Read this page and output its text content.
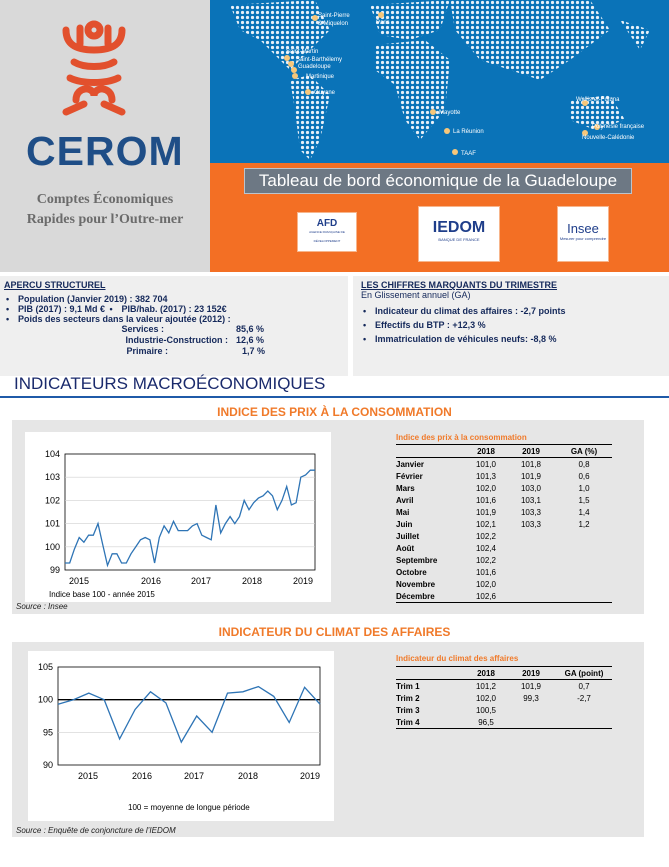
CEROM
Comptes Économiques
Rapides pour l’Outre-mer
Saint-Pierre
& Miquelon	Paris
Saint-Martin
Saint-Barthélemy
Guadeloupe
Martinique
Guyane
Mayotte
La Réunion
TAAF
Wallis-et-Futuna
Polynésie française
Nouvelle-Calédonie
Tableau de bord économique de la Guadeloupe
AFD
AGENCE FRANÇAISE DE DÉVELOPPEMENT
IEDOM
BANQUE DE FRANCE
Insee
Mesurer pour comprendre
APERCU STRUCTUREL
• Population (Janvier 2019) : 382 704
• PIB (2017) : 9,1 Md € • PIB/hab. (2017) : 23 152€
• Poids des secteurs dans la valeur ajoutée (2012) :
Services :	85,6 %
Industrie-Construction : 12,6 %
Primaire :	1,7 %
LES CHIFFRES MARQUANTS DU TRIMESTRE
En Glissement annuel (GA)
• Indicateur du climat des affaires : -2,7 points
• Effectifs du BTP : +12,3 %
• Immatriculation de véhicules neufs: -8,8 %
INDICATEURS MACROÉCONOMIQUES
INDICE DES PRIX À LA CONSOMMATION
99
100
101
102
103
104
2015	2016	2017	2018	2019
Indice base 100 - année 2015
Indice des prix à la consommation
	2018	2019	GA (%)
Janvier	101,0	101,8	0,8
Février	101,3	101,9	0,6
Mars	102,0	103,0	1,0
Avril	101,6	103,1	1,5
Mai	101,9	103,3	1,4
Juin	102,1	103,3	1,2
Juillet	102,2		
Août	102,4		
Septembre	102,2		
Octobre	101,6		
Novembre	102,0		
Décembre	102,6		
Source : Insee
INDICATEUR DU CLIMAT DES AFFAIRES
90
95
100
105
2015	2016	2017	2018	2019
100 = moyenne de longue période
Indicateur du climat des affaires
	2018	2019	GA (point)
Trim 1	101,2	101,9	0,7
Trim 2	102,0	99,3	-2,7
Trim 3	100,5		
Trim 4	96,5		
Source : Enquête de conjoncture de l’IEDOM
